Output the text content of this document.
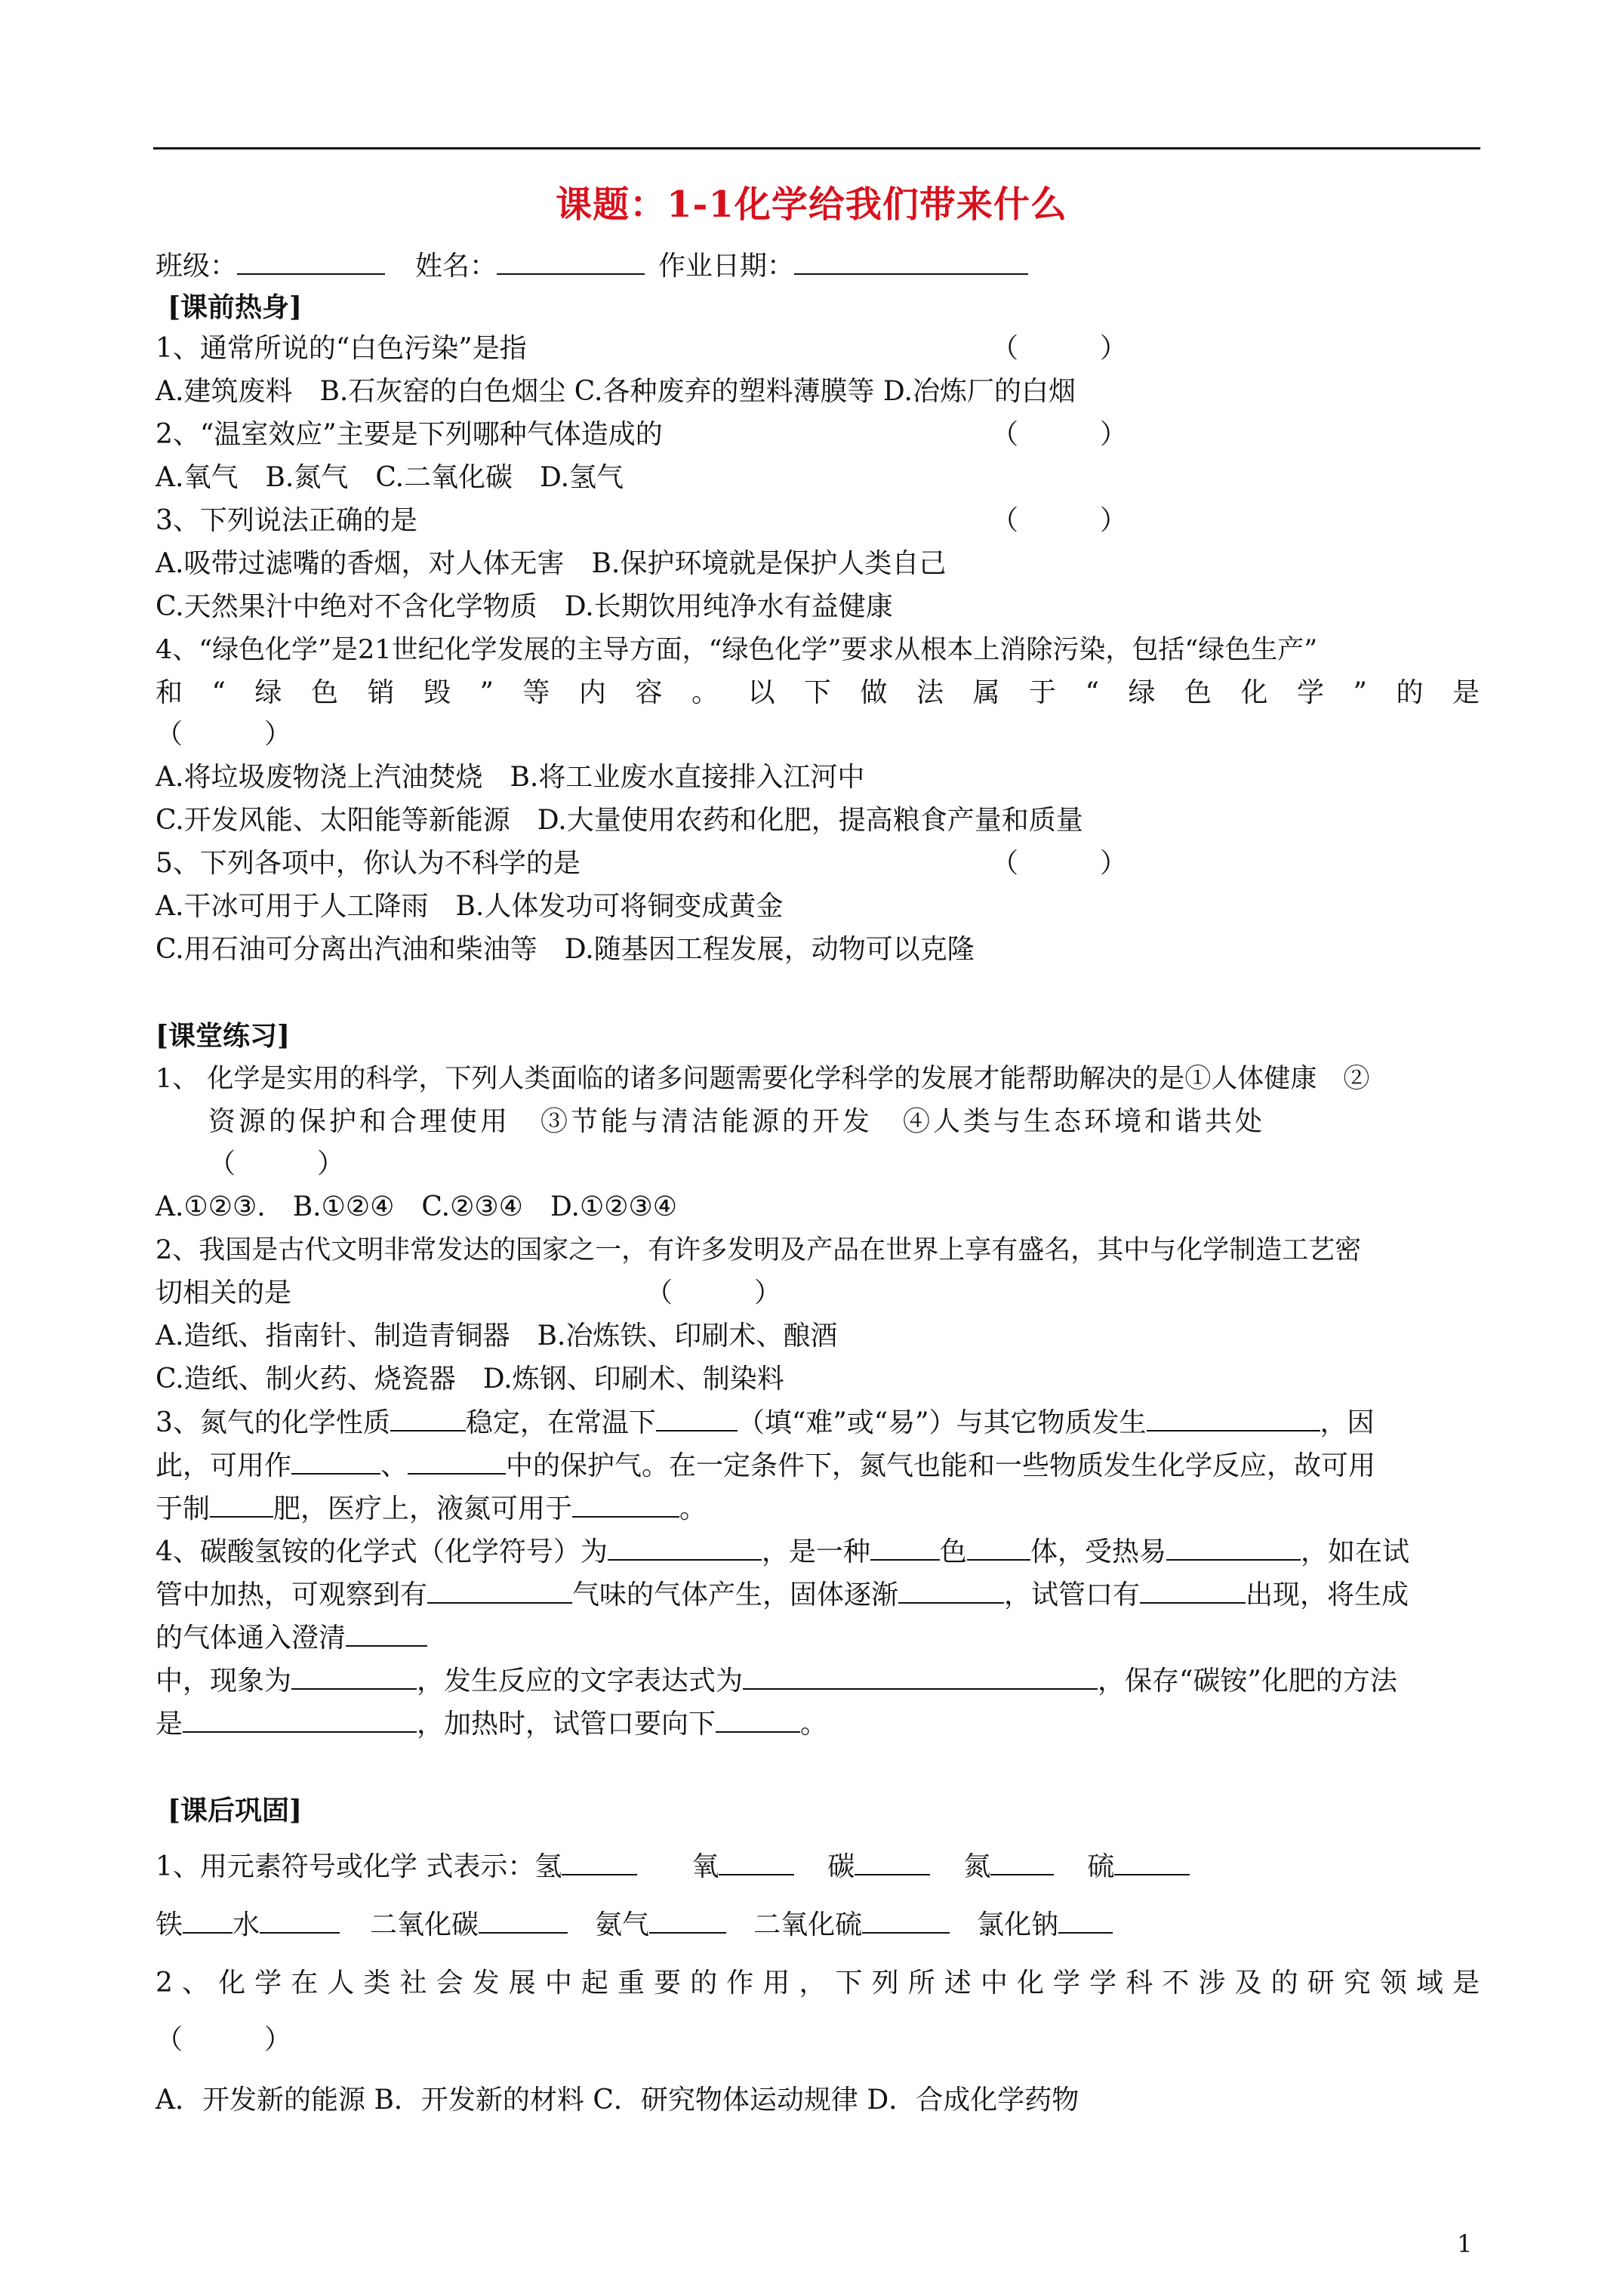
课题：1-1化学给我们带来什么
班级：	姓名：	作业日期：
[课前热身]
1、通常所说的“白色污染”是指	（　　　）
A.建筑废料　B.石灰窑的白色烟尘 C.各种废弃的塑料薄膜等 D.冶炼厂的白烟
2、“温室效应”主要是下列哪种气体造成的	（　　　）
A.氧气　B.氮气　C.二氧化碳　D.氢气
3、下列说法正确的是	（　　　）
A.吸带过滤嘴的香烟，对人体无害　B.保护环境就是保护人类自己
C.天然果汁中绝对不含化学物质　D.长期饮用纯净水有益健康
4、“绿色化学”是21世纪化学发展的主导方面，“绿色化学”要求从根本上消除污染，包括“绿色生产”
和“绿色销毁”等内容。以下做法属于“绿色化学”的是
（　　　）
A.将垃圾废物浇上汽油焚烧　B.将工业废水直接排入江河中
C.开发风能、太阳能等新能源　D.大量使用农药和化肥，提高粮食产量和质量
5、下列各项中，你认为不科学的是	（　　　）
A.干冰可用于人工降雨　B.人体发功可将铜变成黄金
C.用石油可分离出汽油和柴油等　D.随基因工程发展，动物可以克隆
[课堂练习]
1、 化学是实用的科学，下列人类面临的诸多问题需要化学科学的发展才能帮助解决的是①人体健康　②
资源的保护和合理使用　③节能与清洁能源的开发　④人类与生态环境和谐共处
（　　　）
A.①②③.　B.①②④　C.②③④　D.①②③④
2、我国是古代文明非常发达的国家之一，有许多发明及产品在世界上享有盛名，其中与化学制造工艺密
切相关的是	（　　　）
A.造纸、指南针、制造青铜器　B.冶炼铁、印刷术、酿酒
C.造纸、制火药、烧瓷器　D.炼钢、印刷术、制染料
3、氮气的化学性质	稳定，在常温下	（填“难”或“易”）与其它物质发生	，因
此，可用作	、	中的保护气。在一定条件下，氮气也能和一些物质发生化学反应，故可用
于制 肥，医疗上，液氮可用于	。
4、碳酸氢铵的化学式（化学符号）为	，是一种	色 体，受热易	，如在试
管中加热，可观察到有	气味的气体产生，固体逐渐	，试管口有	出现，将生成
的气体通入澄清
中，现象为	，发生反应的文字表达式为	，保存“碳铵”化肥的方法
是	，加热时，试管口要向下	。
[课后巩固]
1、用元素符号或化学 式表示：氢	氧	碳	氮	硫
铁 水	二氧化碳	氨气	二氧化硫	氯化钠
2、化学在人类社会发展中起重要的作用，下列所述中化学学科不涉及的研究领域是
（　　　）
A．开发新的能源 B．开发新的材料 C．研究物体运动规律 D．合成化学药物
1
